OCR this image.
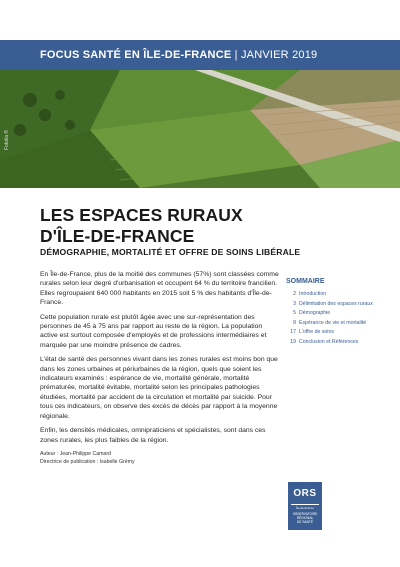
FOCUS SANTÉ EN ÎLE-DE-FRANCE | JANVIER 2019
Fotolia ®
LES ESPACES RURAUX
D'ÎLE-DE-FRANCE
DÉMOGRAPHIE, MORTALITÉ ET OFFRE DE SOINS LIBÉRALE

En Île-de-France, plus de la moitié des communes (57%) sont classées comme rurales selon leur degré d'urbanisation et occupent 64 % du territoire francilien. Elles regroupaient 640 000 habitants en 2015 soit 5 % des habitants d'Île-de-France.

Cette population rurale est plutôt âgée avec une sur-représentation des personnes de 45 à 75 ans par rapport au reste de la région. La population active est surtout composée d'employés et de professions intermédiaires et marquée par une moindre présence de cadres.

L'état de santé des personnes vivant dans les zones rurales est moins bon que dans les zones urbaines et périurbaines de la région, quels que soient les indicateurs examinés : espérance de vie, mortalité générale, mortalité prématurée, mortalité évitable, mortalité selon les principales pathologies étudiées, mortalité par accident de la circulation et mortalité par suicide. Pour tous ces indicateurs, on observe des excès de décès par rapport à la moyenne régionale.

Enfin, les densités médicales, omnipraticiens et spécialistes, sont dans ces zones rurales, les plus faibles de la région.

Auteur : Jean-Philippe Camard
Directrice de publication : Isabelle Grémy
SOMMAIRE
2 Introduction
3 Délimitation des espaces ruraux
5 Démographie
8 Espérance de vie et mortalité
17 L'offre de soins
19 Conclusion et Références
ORS
Île-de-France
OBSERVATOIRE
RÉGIONAL
DE SANTÉ
